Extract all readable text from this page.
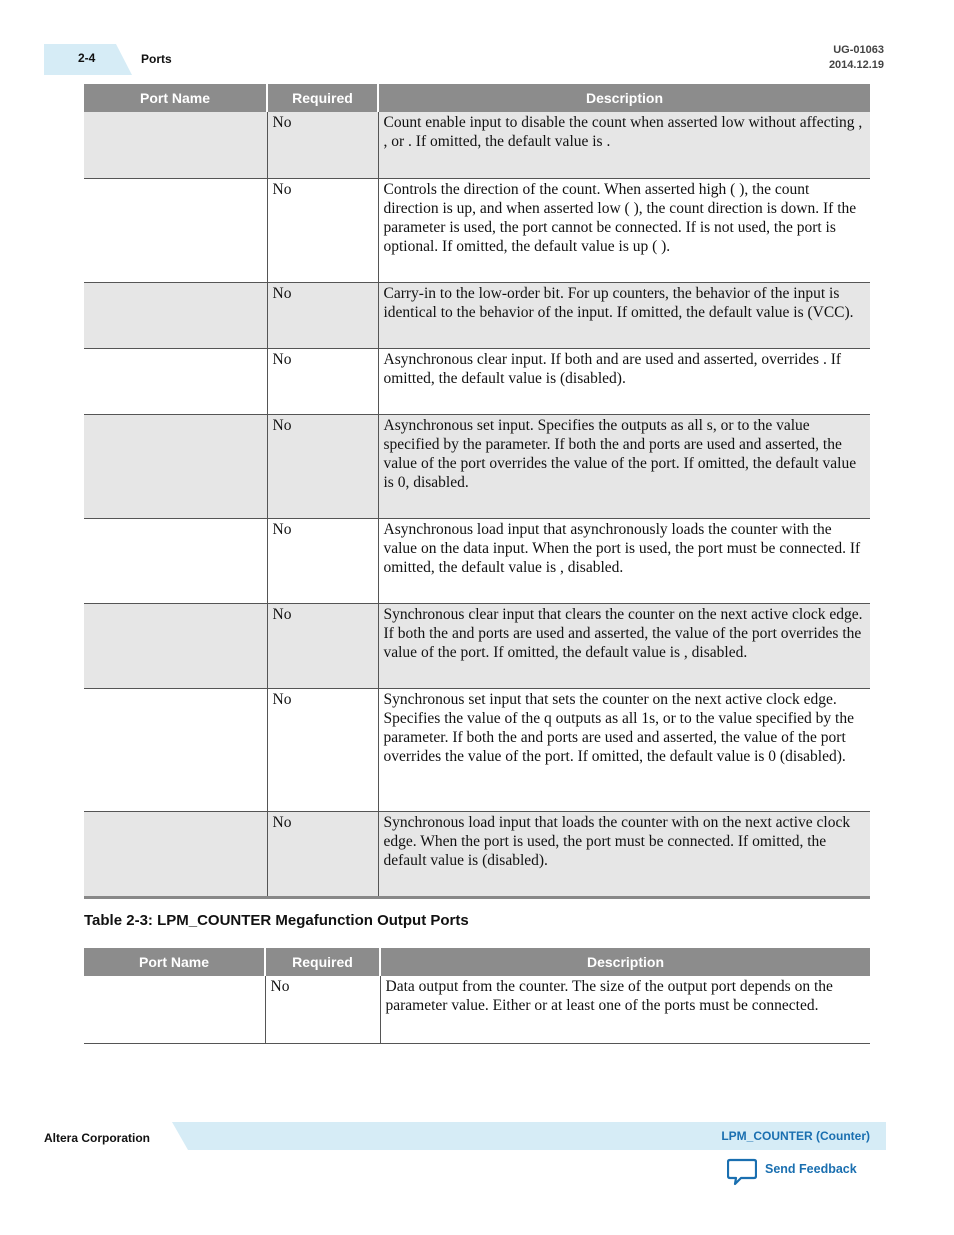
2-4	Ports
UG-01063
2014.12.19
Port Name	Required	Description
	No	Count enable input to disable the count when asserted low without affecting , , or . If omitted, the default value is .
	No	Controls the direction of the count. When asserted high ( ), the count direction is up, and when asserted low ( ), the count direction is down. If the parameter is used, the port cannot be connected. If is not used, the port is optional. If omitted, the default value is up ( ).
	No	Carry-in to the low-order bit. For up counters, the behavior of the input is identical to the behavior of the input. If omitted, the default value is (VCC).
	No	Asynchronous clear input. If both and are used and asserted, overrides . If omitted, the default value is (disabled).
	No	Asynchronous set input. Specifies the outputs as all s, or to the value specified by the parameter. If both the and ports are used and asserted, the value of the port overrides the value of the port. If omitted, the default value is 0, disabled.
	No	Asynchronous load input that asynchronously loads the counter with the value on the data input. When the port is used, the port must be connected. If omitted, the default value is , disabled.
	No	Synchronous clear input that clears the counter on the next active clock edge. If both the and ports are used and asserted, the value of the port overrides the value of the port. If omitted, the default value is , disabled.
	No	Synchronous set input that sets the counter on the next active clock edge. Specifies the value of the q outputs as all 1s, or to the value specified by the parameter. If both the and ports are used and asserted, the value of the port overrides the value of the port. If omitted, the default value is 0 (disabled).
	No	Synchronous load input that loads the counter with on the next active clock edge. When the port is used, the port must be connected. If omitted, the default value is (disabled).
Table 2-3: LPM_COUNTER Megafunction Output Ports
Port Name	Required	Description
	No	Data output from the counter. The size of the output port depends on the parameter value. Either or at least one of the ports must be connected.
Altera Corporation	LPM_COUNTER (Counter)
Send Feedback
